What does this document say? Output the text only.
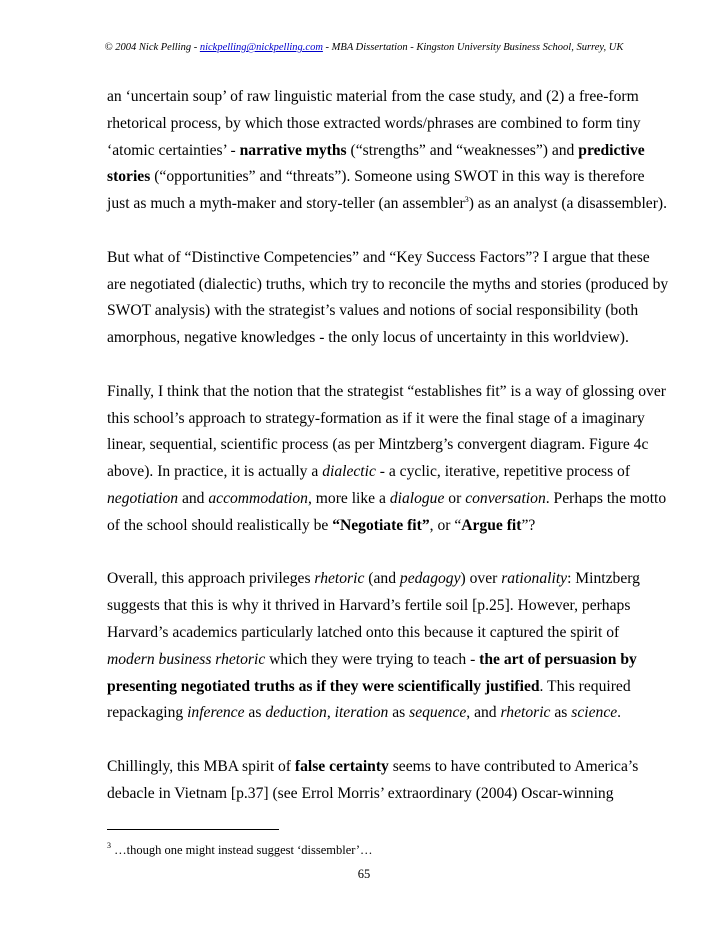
© 2004 Nick Pelling - nickpelling@nickpelling.com - MBA Dissertation - Kingston University Business School, Surrey, UK

an ‘uncertain soup’ of raw linguistic material from the case study, and (2) a free-form
rhetorical process, by which those extracted words/phrases are combined to form tiny
‘atomic certainties’ - narrative myths (“strengths” and “weaknesses”) and predictive
stories (“opportunities” and “threats”). Someone using SWOT in this way is therefore
just as much a myth-maker and story-teller (an assembler$^3$) as an analyst (a disassembler).

But what of “Distinctive Competencies” and “Key Success Factors”? I argue that these
are negotiated (dialectic) truths, which try to reconcile the myths and stories (produced by
SWOT analysis) with the strategist’s values and notions of social responsibility (both
amorphous, negative knowledges - the only locus of uncertainty in this worldview).

Finally, I think that the notion that the strategist “establishes fit” is a way of glossing over
this school’s approach to strategy-formation as if it were the final stage of a imaginary
linear, sequential, scientific process (as per Mintzberg’s convergent diagram. Figure 4c
above). In practice, it is actually a dialectic - a cyclic, iterative, repetitive process of
negotiation and accommodation, more like a dialogue or conversation. Perhaps the motto
of the school should realistically be “Negotiate fit”, or “Argue fit”?

Overall, this approach privileges rhetoric (and pedagogy) over rationality: Mintzberg
suggests that this is why it thrived in Harvard’s fertile soil [p.25]. However, perhaps
Harvard’s academics particularly latched onto this because it captured the spirit of
modern business rhetoric which they were trying to teach - the art of persuasion by
presenting negotiated truths as if they were scientifically justified. This required
repackaging inference as deduction, iteration as sequence, and rhetoric as science.

Chillingly, this MBA spirit of false certainty seems to have contributed to America’s
debacle in Vietnam [p.37] (see Errol Morris’ extraordinary (2004) Oscar-winning

$^3$ …though one might instead suggest ‘dissembler’…
65
